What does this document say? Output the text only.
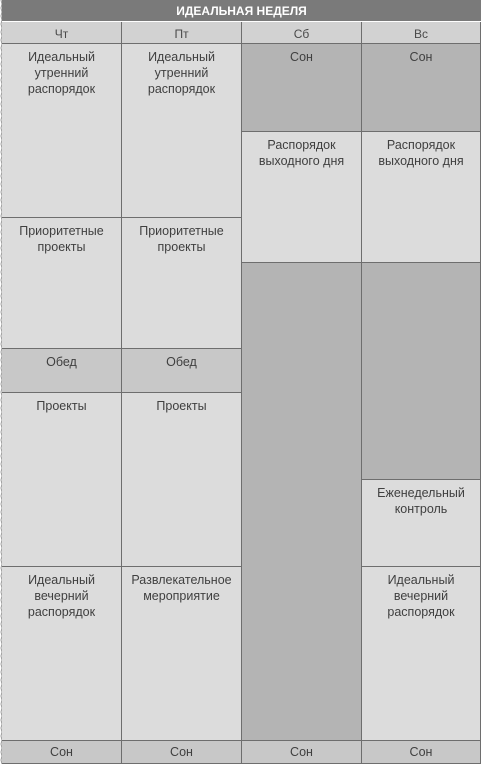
ИДЕАЛЬНАЯ НЕДЕЛЯ
Чт
Идеальный утренний распорядок
Приоритетные проекты
Обед
Проекты
Идеальный вечерний распорядок
Сон
Пт
Идеальный утренний распорядок
Приоритетные проекты
Обед
Проекты
Развлекательное мероприятие
Сон
Сб
Сон
Распорядок выходного дня
Сон
Вс
Сон
Распорядок выходного дня
Еженедельный контроль
Идеальный вечерний распорядок
Сон
